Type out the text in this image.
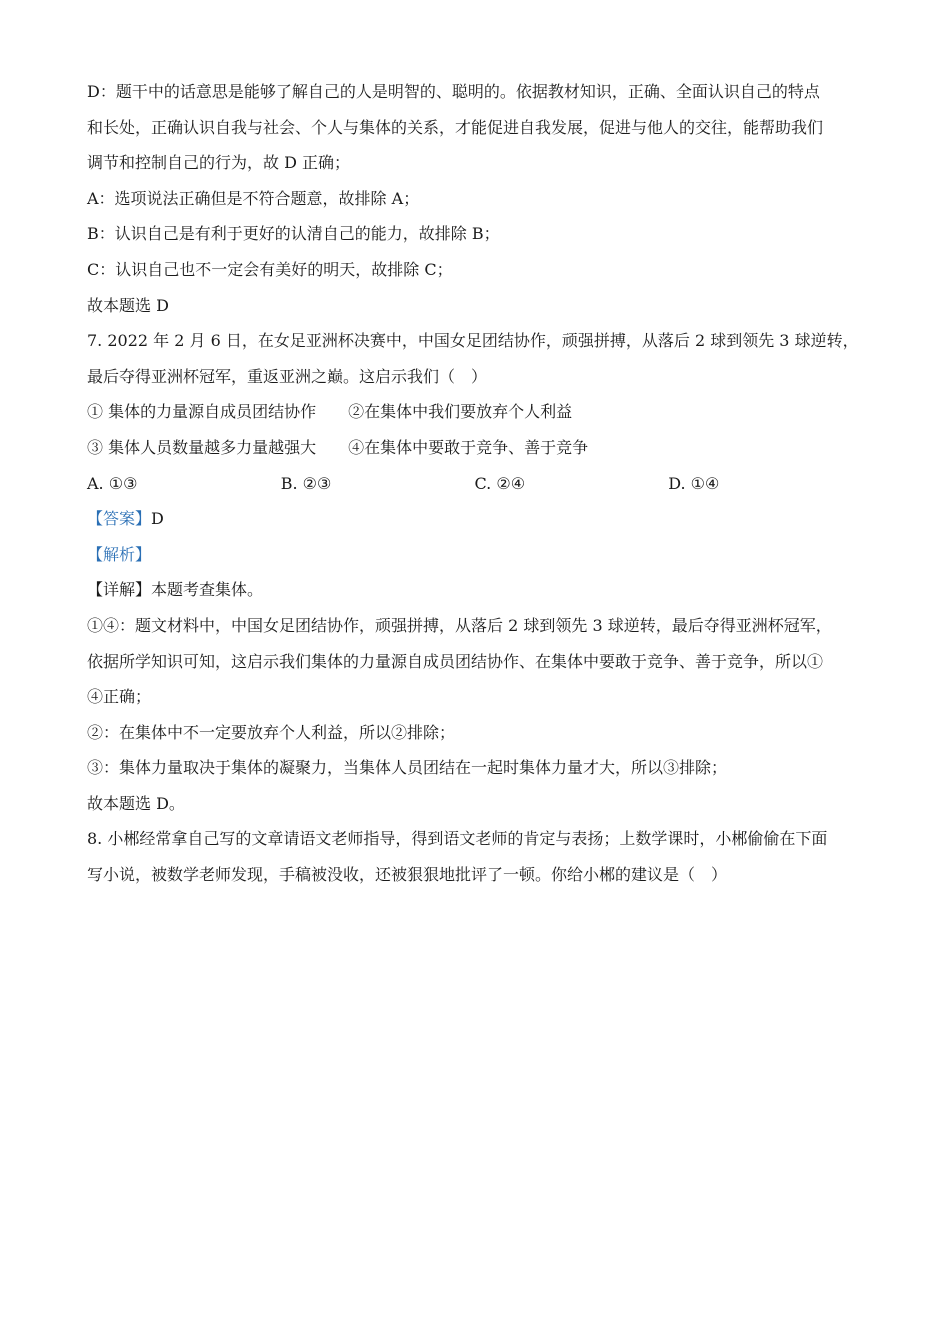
D：题干中的话意思是能够了解自己的人是明智的、聪明的。依据教材知识，正确、全面认识自己的特点

和长处，正确认识自我与社会、个人与集体的关系，才能促进自我发展，促进与他人的交往，能帮助我们

调节和控制自己的行为，故 D 正确；

A：选项说法正确但是不符合题意，故排除 A；

B：认识自己是有利于更好的认清自己的能力，故排除 B；

C：认识自己也不一定会有美好的明天，故排除 C；

故本题选 D

7. 2022 年 2 月 6 日，在女足亚洲杯决赛中，中国女足团结协作，顽强拼搏，从落后 2 球到领先 3 球逆转，

最后夺得亚洲杯冠军，重返亚洲之巅。这启示我们（　）

① 集体的力量源自成员团结协作　　②在集体中我们要放弃个人利益

③ 集体人员数量越多力量越强大　　④在集体中要敢于竞争、善于竞争

A. ①③	B. ②③	C. ②④	D. ①④

【答案】D

【解析】

【详解】本题考查集体。

①④：题文材料中，中国女足团结协作，顽强拼搏，从落后 2 球到领先 3 球逆转，最后夺得亚洲杯冠军，

依据所学知识可知，这启示我们集体的力量源自成员团结协作、在集体中要敢于竞争、善于竞争，所以①

④正确；

②：在集体中不一定要放弃个人利益，所以②排除；

③：集体力量取决于集体的凝聚力，当集体人员团结在一起时集体力量才大，所以③排除；

故本题选 D。

8. 小郴经常拿自己写的文章请语文老师指导，得到语文老师的肯定与表扬；上数学课时，小郴偷偷在下面

写小说，被数学老师发现，手稿被没收，还被狠狠地批评了一顿。你给小郴的建议是（　）
